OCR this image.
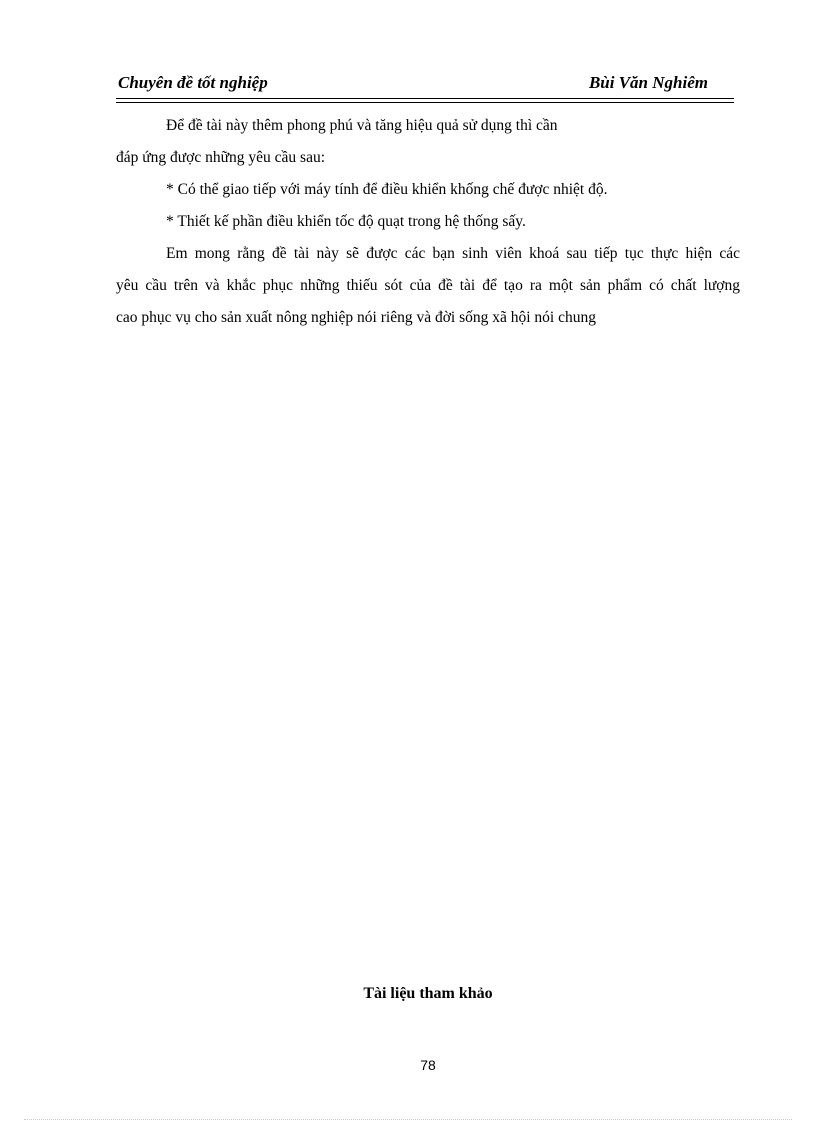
Chuyên đề tốt nghiệp	Bùi Văn Nghiêm
Để đề tài này thêm phong phú và tăng hiệu quả sử dụng thì cần
đáp ứng được những yêu cầu sau:
* Có thể giao tiếp với máy tính để điều khiển khống chế được nhiệt độ.
* Thiết kế phần điều khiển tốc độ quạt trong hệ thống sấy.
Em mong rằng đề tài này sẽ được các bạn sinh viên khoá sau tiếp tục thực hiện các
yêu cầu trên và khắc phục những thiếu sót của đề tài để tạo ra một sản phẩm có chất lượng
cao phục vụ cho sản xuất nông nghiệp nói riêng và đời sống xã hội nói chung
Tài liệu tham khảo
78
